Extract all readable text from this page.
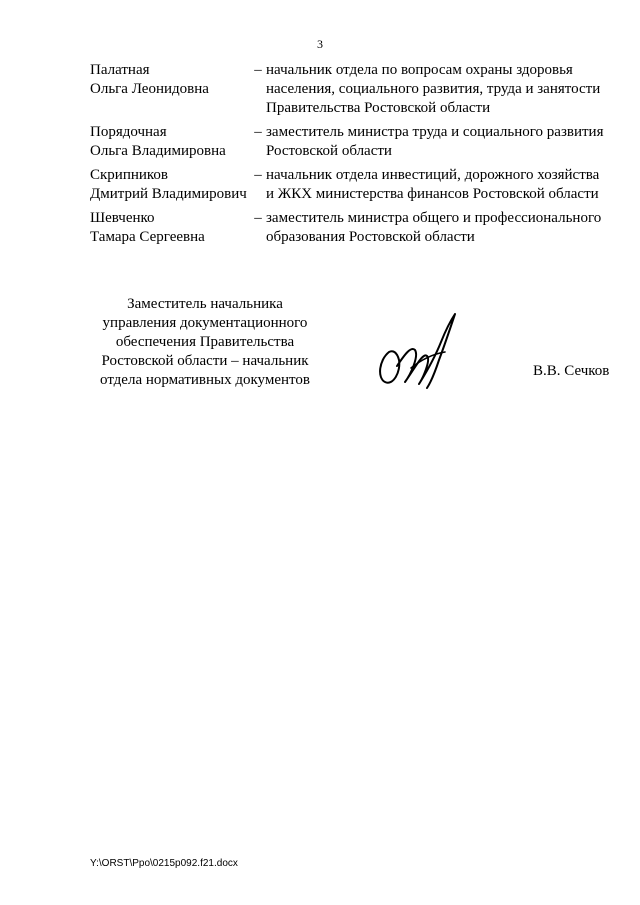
3
Палатная
Ольга Леонидовна
– начальник отдела по вопросам охраны здоровья
населения, социального развития, труда и занятости
Правительства Ростовской области
Порядочная
Ольга Владимировна
– заместитель министра труда и социального развития
Ростовской области
Скрипников
Дмитрий Владимирович
– начальник отдела инвестиций, дорожного хозяйства
и ЖКХ министерства финансов Ростовской области
Шевченко
Тамара Сергеевна
– заместитель министра общего и профессионального
образования Ростовской области
Заместитель начальника
управления документационного
обеспечения Правительства
Ростовской области – начальник
отдела нормативных документов
В.В. Сечков
Y:\ORST\Ppo\0215p092.f21.docx
